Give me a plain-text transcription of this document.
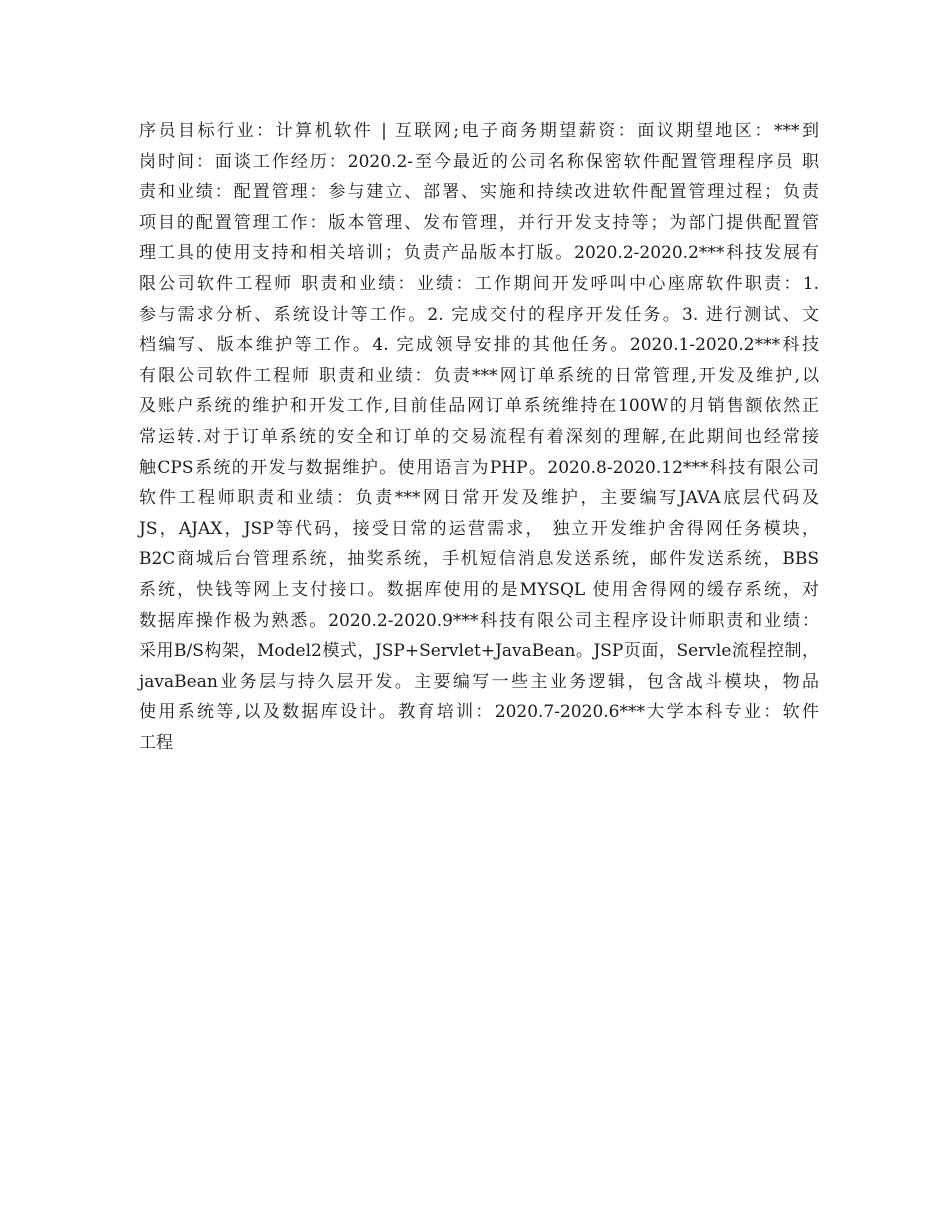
序员目标行业：计算机软件 | 互联网;电子商务期望薪资：面议期望地区：***到
岗时间：面谈工作经历：2020.2-至今最近的公司名称保密软件配置管理程序员 职
责和业绩：配置管理：参与建立、部署、实施和持续改进软件配置管理过程；负责
项目的配置管理工作：版本管理、发布管理，并行开发支持等；为部门提供配置管
理工具的使用支持和相关培训；负责产品版本打版。2020.2-2020.2***科技发展有
限公司软件工程师 职责和业绩：业绩：工作期间开发呼叫中心座席软件职责：1.
参与需求分析、系统设计等工作。2. 完成交付的程序开发任务。3. 进行测试、文
档编写、版本维护等工作。4. 完成领导安排的其他任务。2020.1-2020.2***科技
有限公司软件工程师 职责和业绩：负责***网订单系统的日常管理,开发及维护,以
及账户系统的维护和开发工作,目前佳品网订单系统维持在100W的月销售额依然正
常运转.对于订单系统的安全和订单的交易流程有着深刻的理解,在此期间也经常接
触CPS系统的开发与数据维护。使用语言为PHP。2020.8-2020.12***科技有限公司
软件工程师职责和业绩：负责***网日常开发及维护，主要编写JAVA底层代码及
JS，AJAX，JSP等代码，接受日常的运营需求， 独立开发维护舍得网任务模块，
B2C商城后台管理系统，抽奖系统，手机短信消息发送系统，邮件发送系统，BBS
系统，快钱等网上支付接口。数据库使用的是MYSQL 使用舍得网的缓存系统，对
数据库操作极为熟悉。2020.2-2020.9***科技有限公司主程序设计师职责和业绩：
采用B/S构架，Model2模式，JSP+Servlet+JavaBean。JSP页面，Servle流程控制，
javaBean业务层与持久层开发。主要编写一些主业务逻辑，包含战斗模块，物品
使用系统等,以及数据库设计。教育培训：2020.7-2020.6***大学本科专业：软件
工程
